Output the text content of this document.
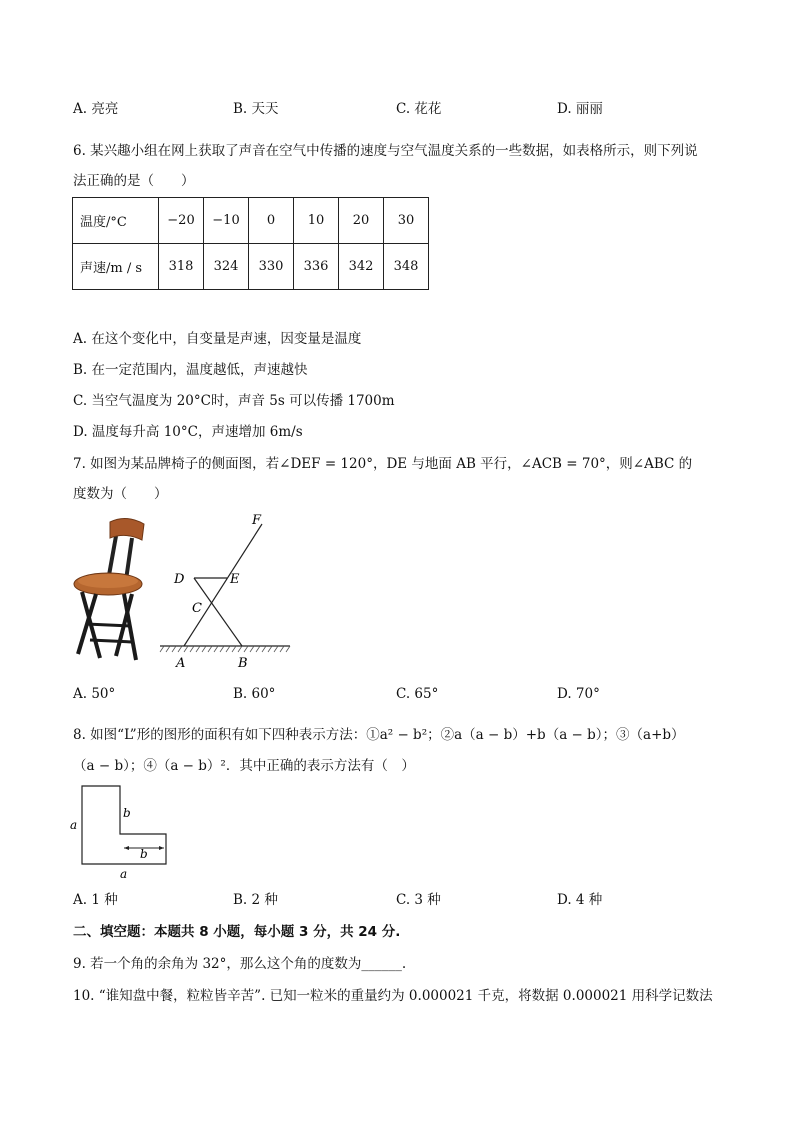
A. 亮亮	B. 天天	C. 花花	D. 丽丽
6. 某兴趣小组在网上获取了声音在空气中传播的速度与空气温度关系的一些数据，如表格所示，则下列说
法正确的是（　　）
温度/°C	−20	−10	0	10	20	30
声速/m / s	318	324	330	336	342	348
A. 在这个变化中，自变量是声速，因变量是温度
B. 在一定范围内，温度越低，声速越快
C. 当空气温度为 20°C时，声音 5s 可以传播 1700m
D. 温度每升高 10°C，声速增加 6m/s
7. 如图为某品牌椅子的侧面图，若∠DEF = 120°，DE 与地面 AB 平行，∠ACB = 70°，则∠ABC 的
度数为（　　）
F
D	E
C
A	B
A. 50°	B. 60°	C. 65°	D. 70°
8. 如图“L”形的图形的面积有如下四种表示方法：①a² − b²；②a（a − b）+b（a − b）；③（a+b）
（a − b）；④（a − b）²．其中正确的表示方法有（　）
a
b
b
a
A. 1 种	B. 2 种	C. 3 种	D. 4 种
二、填空题：本题共 8 小题，每小题 3 分，共 24 分.
9. 若一个角的余角为 32°，那么这个角的度数为______.
10. “谁知盘中餐，粒粒皆辛苦”. 已知一粒米的重量约为 0.000021 千克，将数据 0.000021 用科学记数法
